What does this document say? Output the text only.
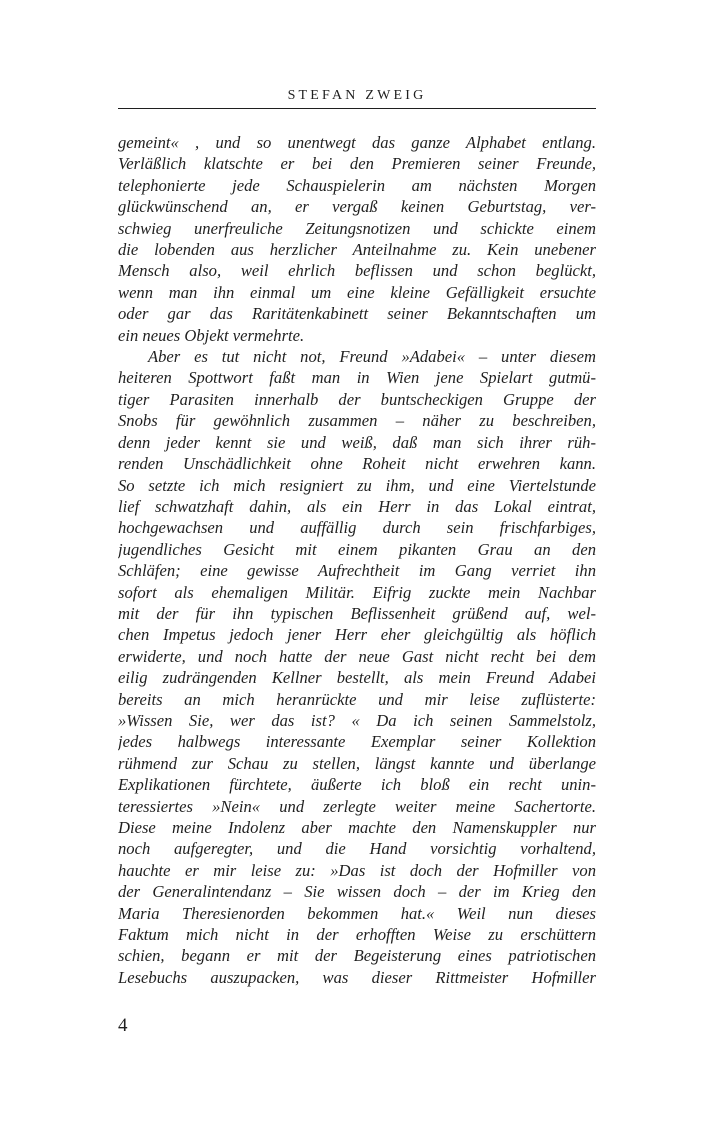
STEFAN ZWEIG
gemeint« , und so unentwegt das ganze Alphabet entlang.
Verläßlich klatschte er bei den Premieren seiner Freunde,
telephonierte jede Schauspielerin am nächsten Morgen
glückwünschend an, er vergaß keinen Geburtstag, ver-
schwieg unerfreuliche Zeitungsnotizen und schickte einem
die lobenden aus herzlicher Anteilnahme zu. Kein unebener
Mensch also, weil ehrlich beflissen und schon beglückt,
wenn man ihn einmal um eine kleine Gefälligkeit ersuchte
oder gar das Raritätenkabinett seiner Bekanntschaften um
ein neues Objekt vermehrte.
Aber es tut nicht not, Freund »Adabei« – unter diesem
heiteren Spottwort faßt man in Wien jene Spielart gutmü-
tiger Parasiten innerhalb der buntscheckigen Gruppe der
Snobs für gewöhnlich zusammen – näher zu beschreiben,
denn jeder kennt sie und weiß, daß man sich ihrer rüh-
renden Unschädlichkeit ohne Roheit nicht erwehren kann.
So setzte ich mich resigniert zu ihm, und eine Viertelstunde
lief schwatzhaft dahin, als ein Herr in das Lokal eintrat,
hochgewachsen und auffällig durch sein frischfarbiges,
jugendliches Gesicht mit einem pikanten Grau an den
Schläfen; eine gewisse Aufrechtheit im Gang verriet ihn
sofort als ehemaligen Militär. Eifrig zuckte mein Nachbar
mit der für ihn typischen Beflissenheit grüßend auf, wel-
chen Impetus jedoch jener Herr eher gleichgültig als höflich
erwiderte, und noch hatte der neue Gast nicht recht bei dem
eilig zudrängenden Kellner bestellt, als mein Freund Adabei
bereits an mich heranrückte und mir leise zuflüsterte:
»Wissen Sie, wer das ist? « Da ich seinen Sammelstolz,
jedes halbwegs interessante Exemplar seiner Kollektion
rühmend zur Schau zu stellen, längst kannte und überlange
Explikationen fürchtete, äußerte ich bloß ein recht unin-
teressiertes »Nein« und zerlegte weiter meine Sachertorte.
Diese meine Indolenz aber machte den Namenskuppler nur
noch aufgeregter, und die Hand vorsichtig vorhaltend,
hauchte er mir leise zu: »Das ist doch der Hofmiller von
der Generalintendanz – Sie wissen doch – der im Krieg den
Maria Theresienorden bekommen hat.« Weil nun dieses
Faktum mich nicht in der erhofften Weise zu erschüttern
schien, begann er mit der Begeisterung eines patriotischen
Lesebuchs auszupacken, was dieser Rittmeister Hofmiller
4
